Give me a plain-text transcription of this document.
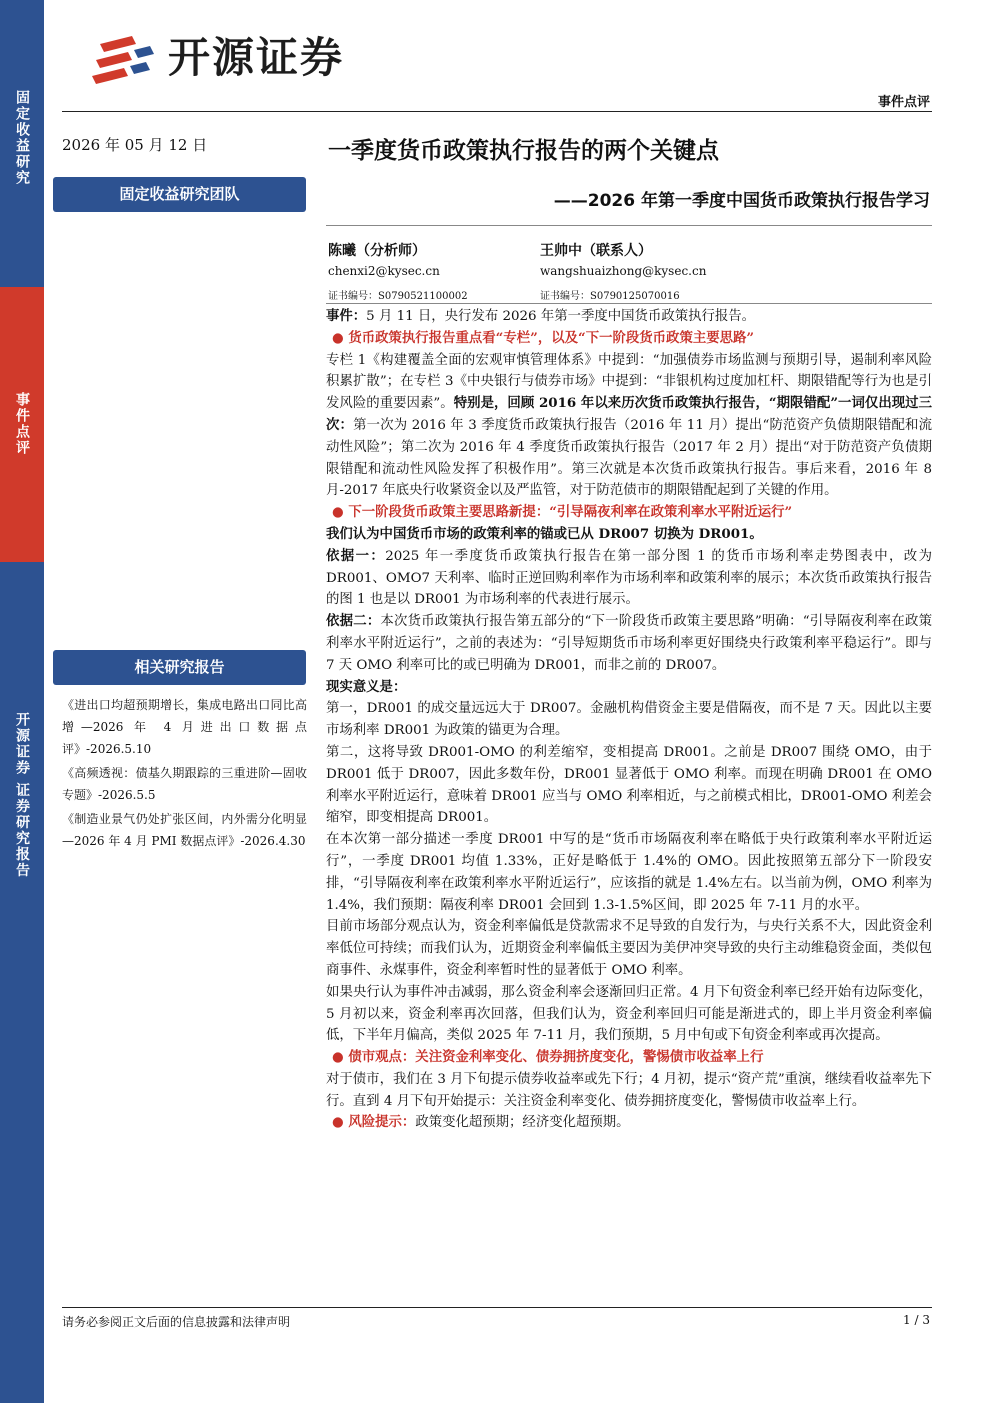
固定收益研究
事件点评
开源证券 证券研究报告
开源证券
事件点评
2026 年 05 月 12 日
固定收益研究团队
相关研究报告

《进出口均超预期增长，集成电路出口同比高增—2026 年 4 月进出口数据点评》-2026.5.10

《高频透视：债基久期跟踪的三重进阶—固收专题》-2026.5.5

《制造业景气仍处扩张区间，内外需分化明显—2026 年 4 月 PMI 数据点评》-2026.4.30

一季度货币政策执行报告的两个关键点
——2026 年第一季度中国货币政策执行报告学习
陈曦（分析师）
chenxi2@kysec.cn
证书编号：S0790521100002
王帅中（联系人）
wangshuaizhong@kysec.cn
证书编号：S0790125070016

事件：5 月 11 日，央行发布 2026 年第一季度中国货币政策执行报告。

● 货币政策执行报告重点看“专栏”，以及“下一阶段货币政策主要思路”

专栏 1《构建覆盖全面的宏观审慎管理体系》中提到：“加强债券市场监测与预期引导，遏制利率风险积累扩散”；在专栏 3《中央银行与债券市场》中提到：“非银机构过度加杠杆、期限错配等行为也是引发风险的重要因素”。特别是，回顾 2016 年以来历次货币政策执行报告，“期限错配”一词仅出现过三次：第一次为 2016 年 3 季度货币政策执行报告（2016 年 11 月）提出“防范资产负债期限错配和流动性风险”；第二次为 2016 年 4 季度货币政策执行报告（2017 年 2 月）提出“对于防范资产负债期限错配和流动性风险发挥了积极作用”。第三次就是本次货币政策执行报告。事后来看，2016 年 8 月-2017 年底央行收紧资金以及严监管，对于防范债市的期限错配起到了关键的作用。

● 下一阶段货币政策主要思路新提：“引导隔夜利率在政策利率水平附近运行”

我们认为中国货币市场的政策利率的锚或已从 DR007 切换为 DR001。

依据一：2025 年一季度货币政策执行报告在第一部分图 1 的货币市场利率走势图表中，改为 DR001、OMO7 天利率、临时正逆回购利率作为市场利率和政策利率的展示；本次货币政策执行报告的图 1 也是以 DR001 为市场利率的代表进行展示。

依据二：本次货币政策执行报告第五部分的“下一阶段货币政策主要思路”明确：“引导隔夜利率在政策利率水平附近运行”，之前的表述为：“引导短期货币市场利率更好围绕央行政策利率平稳运行”。即与 7 天 OMO 利率可比的或已明确为 DR001，而非之前的 DR007。

现实意义是：

第一，DR001 的成交量远远大于 DR007。金融机构借资金主要是借隔夜，而不是 7 天。因此以主要市场利率 DR001 为政策的锚更为合理。

第二，这将导致 DR001-OMO 的利差缩窄，变相提高 DR001。之前是 DR007 围绕 OMO，由于 DR001 低于 DR007，因此多数年份，DR001 显著低于 OMO 利率。而现在明确 DR001 在 OMO 利率水平附近运行，意味着 DR001 应当与 OMO 利率相近，与之前模式相比，DR001-OMO 利差会缩窄，即变相提高 DR001。

在本次第一部分描述一季度 DR001 中写的是“货币市场隔夜利率在略低于央行政策利率水平附近运行”，一季度 DR001 均值 1.33%，正好是略低于 1.4%的 OMO。因此按照第五部分下一阶段安排，“引导隔夜利率在政策利率水平附近运行”，应该指的就是 1.4%左右。以当前为例，OMO 利率为 1.4%，我们预期：隔夜利率 DR001 会回到 1.3-1.5%区间，即 2025 年 7-11 月的水平。

目前市场部分观点认为，资金利率偏低是贷款需求不足导致的自发行为，与央行关系不大，因此资金利率低位可持续；而我们认为，近期资金利率偏低主要因为美伊冲突导致的央行主动维稳资金面，类似包商事件、永煤事件，资金利率暂时性的显著低于 OMO 利率。

如果央行认为事件冲击减弱，那么资金利率会逐渐回归正常。4 月下旬资金利率已经开始有边际变化，5 月初以来，资金利率再次回落，但我们认为，资金利率回归可能是渐进式的，即上半月资金利率偏低，下半年月偏高，类似 2025 年 7-11 月，我们预期，5 月中旬或下旬资金利率或再次提高。

● 债市观点：关注资金利率变化、债券拥挤度变化，警惕债市收益率上行

对于债市，我们在 3 月下旬提示债券收益率或先下行；4 月初，提示“资产荒”重演，继续看收益率先下行。直到 4 月下旬开始提示：关注资金利率变化、债券拥挤度变化，警惕债市收益率上行。

● 风险提示：政策变化超预期；经济变化超预期。

请务必参阅正文后面的信息披露和法律声明	1 / 3
